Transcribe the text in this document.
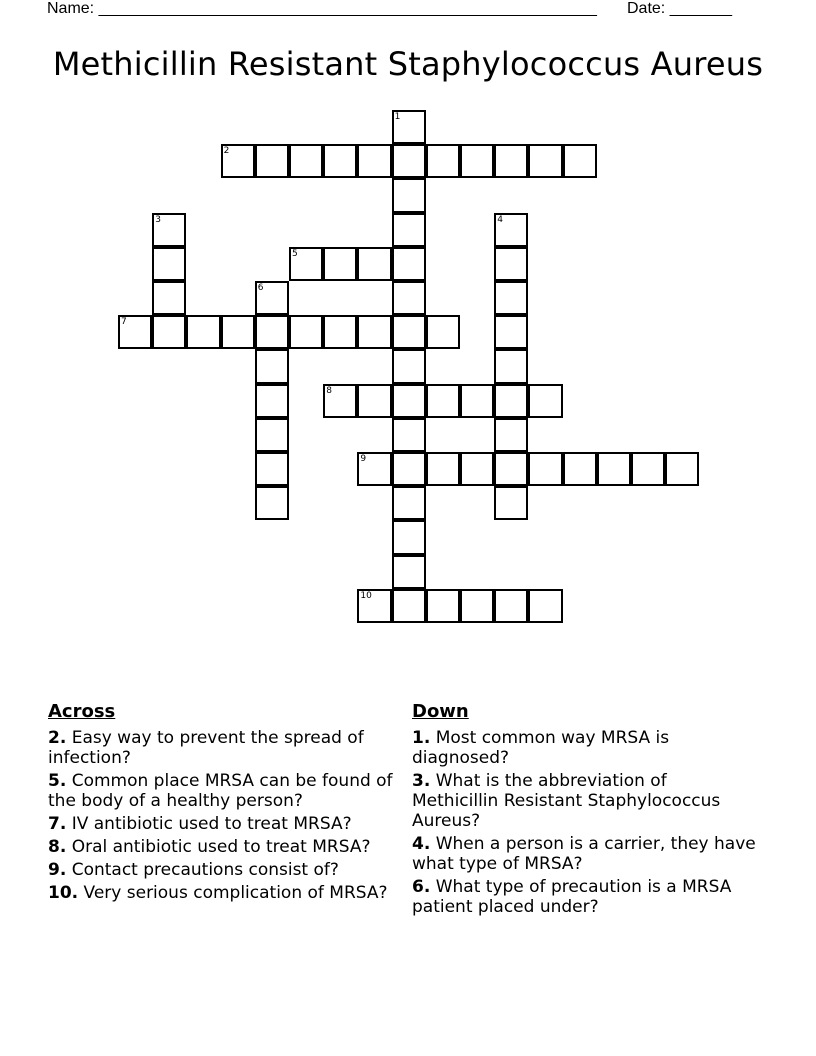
Name: ________________________________________________________

Date: _______

Methicillin Resistant Staphylococcus Aureus
1
2
3	4
5
6
7
8
9
10
Across
2. Easy way to prevent the spread of infection?
5. Common place MRSA can be found of the body of a healthy person?
7. IV antibiotic used to treat MRSA?
8. Oral antibiotic used to treat MRSA?
9. Contact precautions consist of?
10. Very serious complication of MRSA?
Down
1. Most common way MRSA is diagnosed?
3. What is the abbreviation of Methicillin Resistant Staphylococcus Aureus?
4. When a person is a carrier, they have what type of MRSA?
6. What type of precaution is a MRSA patient placed under?
